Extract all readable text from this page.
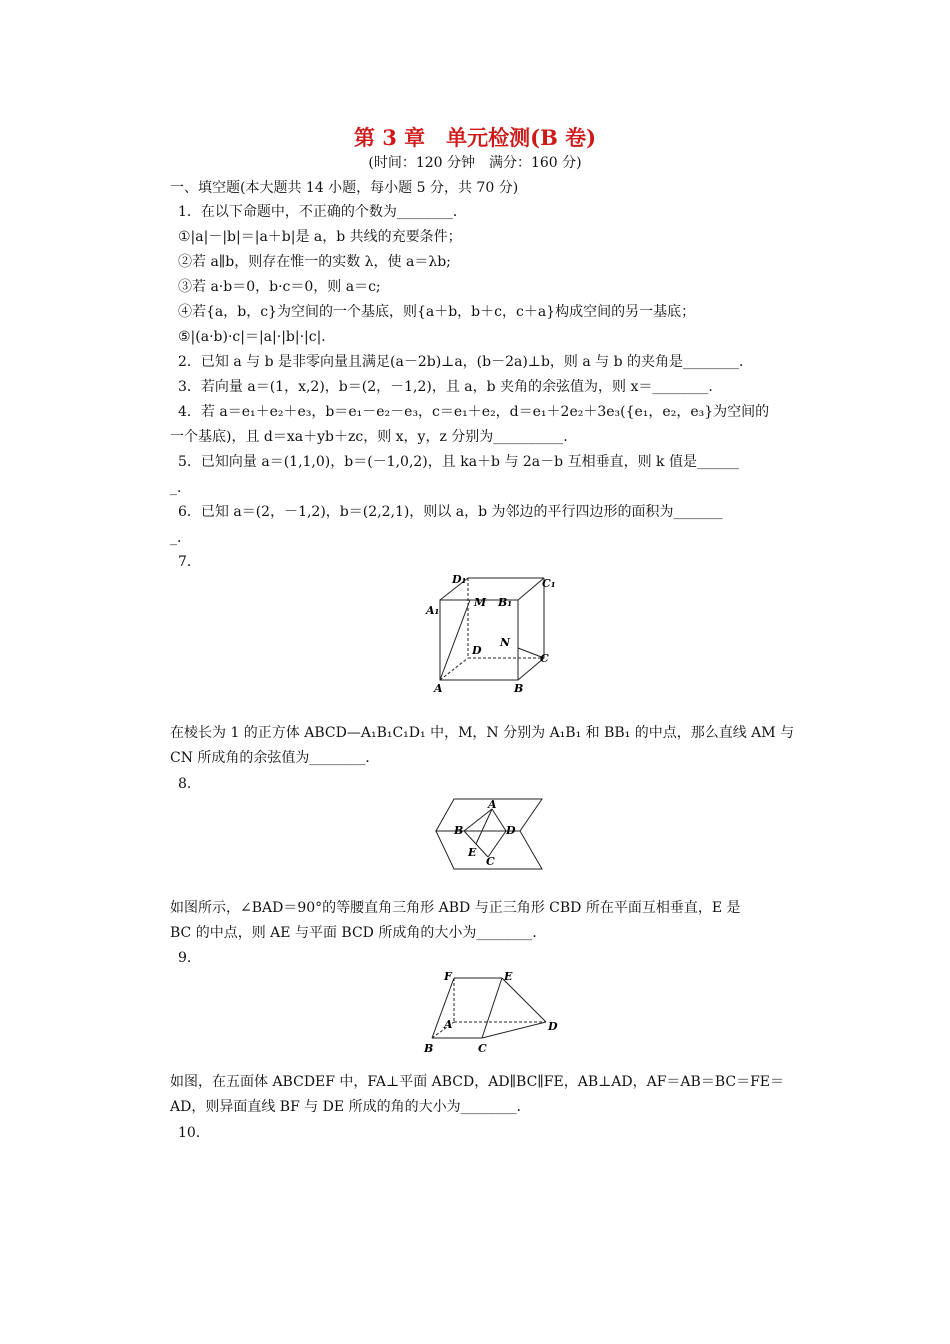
第 3 章　单元检测(B 卷)
(时间：120 分钟　满分：160 分)
一、填空题(本大题共 14 小题，每小题 5 分，共 70 分)
1．在以下命题中，不正确的个数为________．
①|a|－|b|＝|a＋b|是 a，b 共线的充要条件；
②若 a∥b，则存在惟一的实数 λ，使 a＝λb;
③若 a·b＝0，b·c＝0，则 a＝c;
④若{a，b，c}为空间的一个基底，则{a＋b，b＋c，c＋a}构成空间的另一基底；
⑤|(a·b)·c|＝|a|·|b|·|c|．
2．已知 a 与 b 是非零向量且满足(a－2b)⊥a，(b－2a)⊥b，则 a 与 b 的夹角是________．
3．若向量 a＝(1，x,2)，b＝(2，－1,2)，且 a，b 夹角的余弦值为，则 x＝________．
4．若 a＝e₁＋e₂＋e₃，b＝e₁－e₂－e₃，c＝e₁＋e₂，d＝e₁＋2e₂＋3e₃({e₁，e₂，e₃}为空间的
一个基底)，且 d＝xa＋yb＋zc，则 x，y，z 分别为__________．
5．已知向量 a＝(1,1,0)，b＝(－1,0,2)，且 ka＋b 与 2a－b 互相垂直，则 k 值是______
_．
6．已知 a＝(2，－1,2)，b＝(2,2,1)，则以 a，b 为邻边的平行四边形的面积为_______
_．
7．
D₁	C₁
A₁
B₁
M
N
D
C
A	B
在棱长为 1 的正方体 ABCD—A₁B₁C₁D₁ 中，M，N 分别为 A₁B₁ 和 BB₁ 的中点，那么直线 AM 与
CN 所成角的余弦值为________．
8．
A
B	D
E
C
如图所示，∠BAD＝90°的等腰直角三角形 ABD 与正三角形 CBD 所在平面互相垂直，E 是
BC 的中点，则 AE 与平面 BCD 所成角的大小为________．
9．
F	E
A	D
B	C
如图，在五面体 ABCDEF 中，FA⊥平面 ABCD，AD∥BC∥FE，AB⊥AD，AF＝AB＝BC＝FE＝
AD，则异面直线 BF 与 DE 所成的角的大小为________．
10．
